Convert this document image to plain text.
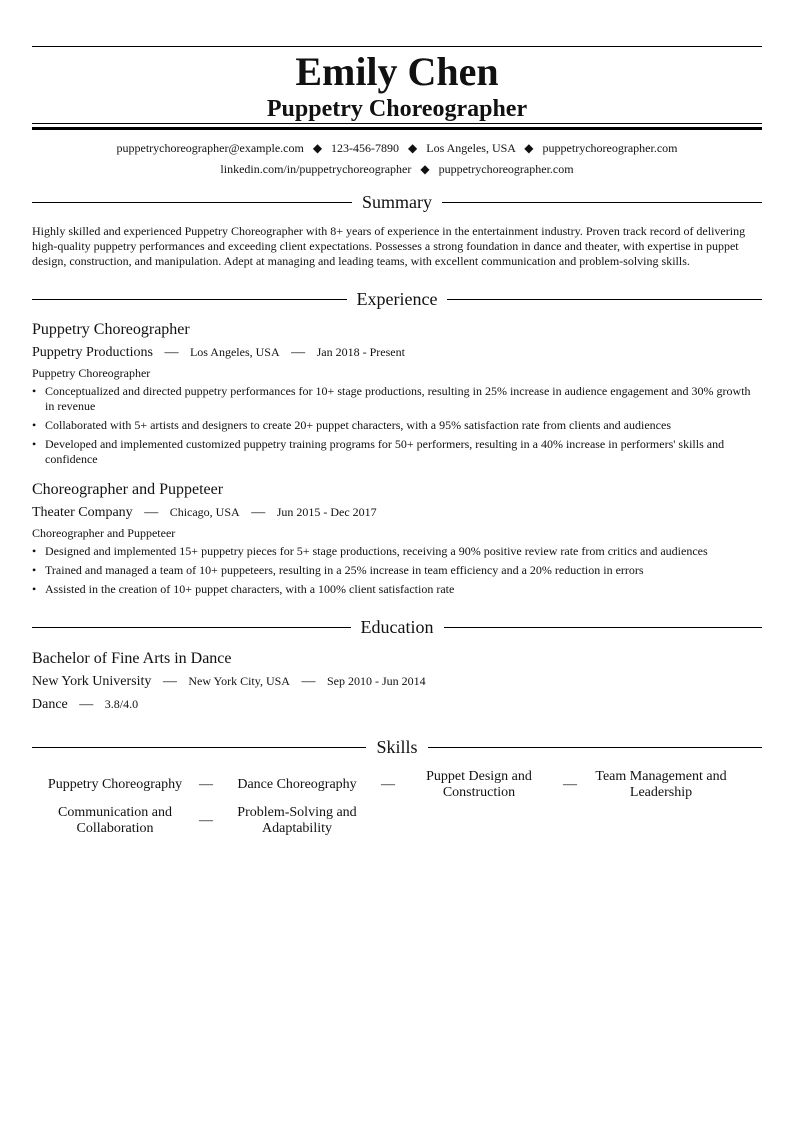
Emily Chen
Puppetry Choreographer
puppetrychoreographer@example.com ◆ 123-456-7890 ◆ Los Angeles, USA ◆ puppetrychoreographer.com
linkedin.com/in/puppetrychoreographer ◆ puppetrychoreographer.com
Summary
Highly skilled and experienced Puppetry Choreographer with 8+ years of experience in the entertainment industry. Proven track record of delivering high-quality puppetry performances and exceeding client expectations. Possesses a strong foundation in dance and theater, with expertise in puppet design, construction, and manipulation. Adept at managing and leading teams, with excellent communication and problem-solving skills.
Experience
Puppetry Choreographer
Puppetry Productions — Los Angeles, USA — Jan 2018 - Present
Puppetry Choreographer
• Conceptualized and directed puppetry performances for 10+ stage productions, resulting in 25% increase in audience engagement and 30% growth in revenue
• Collaborated with 5+ artists and designers to create 20+ puppet characters, with a 95% satisfaction rate from clients and audiences
• Developed and implemented customized puppetry training programs for 50+ performers, resulting in a 40% increase in performers' skills and confidence
Choreographer and Puppeteer
Theater Company — Chicago, USA — Jun 2015 - Dec 2017
Choreographer and Puppeteer
• Designed and implemented 15+ puppetry pieces for 5+ stage productions, receiving a 90% positive review rate from critics and audiences
• Trained and managed a team of 10+ puppeteers, resulting in a 25% increase in team efficiency and a 20% reduction in errors
• Assisted in the creation of 10+ puppet characters, with a 100% client satisfaction rate
Education
Bachelor of Fine Arts in Dance
New York University — New York City, USA — Sep 2010 - Jun 2014
Dance — 3.8/4.0
Skills
Puppetry Choreography	—	Dance Choreography	—
Puppet Design and Construction
—
Team Management and Leadership
Communication and Collaboration
—
Problem-Solving and Adaptability
